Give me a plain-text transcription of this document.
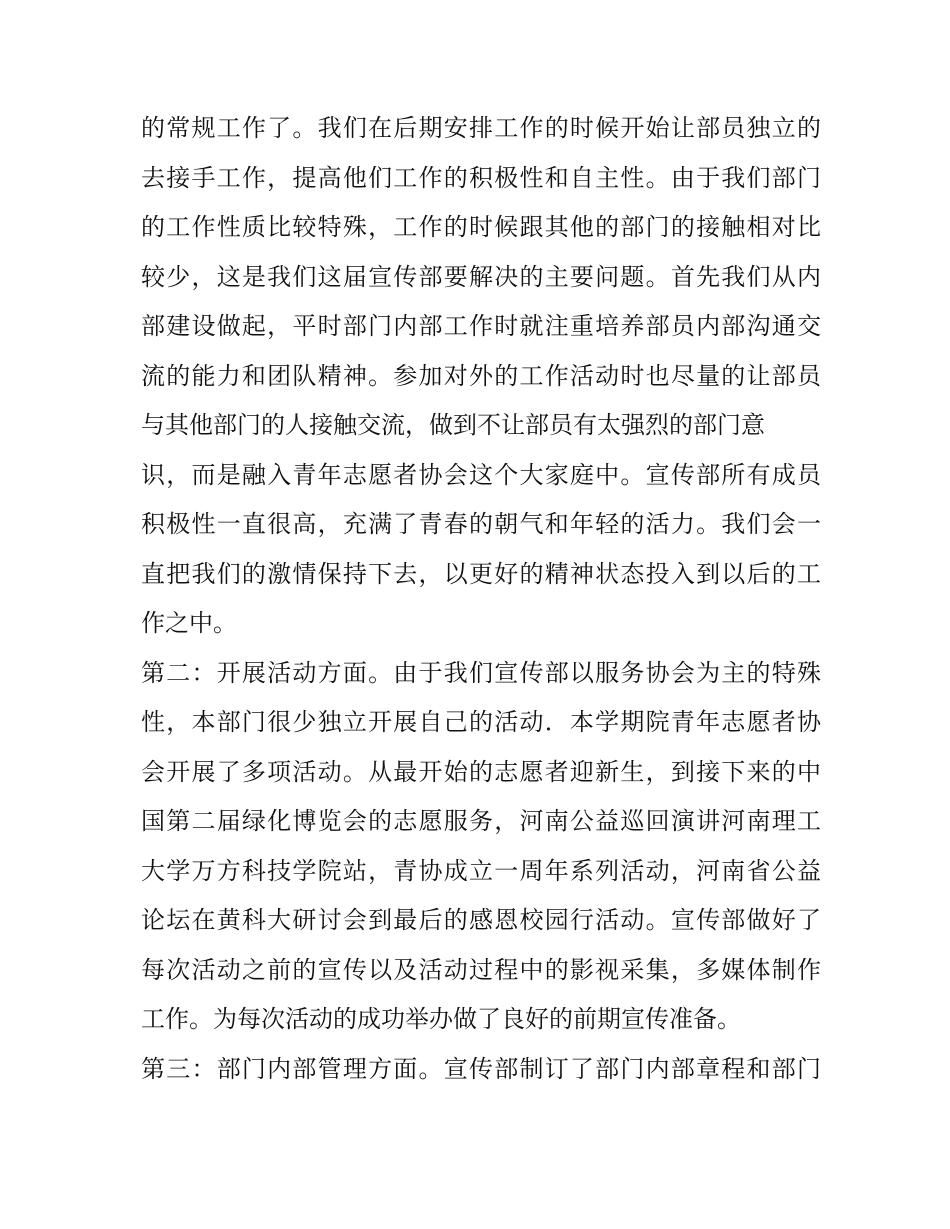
的常规工作了。我们在后期安排工作的时候开始让部员独立的
去接手工作，提高他们工作的积极性和自主性。由于我们部门
的工作性质比较特殊，工作的时候跟其他的部门的接触相对比
较少，这是我们这届宣传部要解决的主要问题。首先我们从内
部建设做起，平时部门内部工作时就注重培养部员内部沟通交
流的能力和团队精神。参加对外的工作活动时也尽量的让部员
与其他部门的人接触交流，做到不让部员有太强烈的部门意
识，而是融入青年志愿者协会这个大家庭中。宣传部所有成员
积极性一直很高，充满了青春的朝气和年轻的活力。我们会一
直把我们的激情保持下去，以更好的精神状态投入到以后的工
作之中。
第二：开展活动方面。由于我们宣传部以服务协会为主的特殊
性，本部门很少独立开展自己的活动．本学期院青年志愿者协
会开展了多项活动。从最开始的志愿者迎新生，到接下来的中
国第二届绿化博览会的志愿服务，河南公益巡回演讲河南理工
大学万方科技学院站，青协成立一周年系列活动，河南省公益
论坛在黄科大研讨会到最后的感恩校园行活动。宣传部做好了
每次活动之前的宣传以及活动过程中的影视采集，多媒体制作
工作。为每次活动的成功举办做了良好的前期宣传准备。
第三：部门内部管理方面。宣传部制订了部门内部章程和部门
